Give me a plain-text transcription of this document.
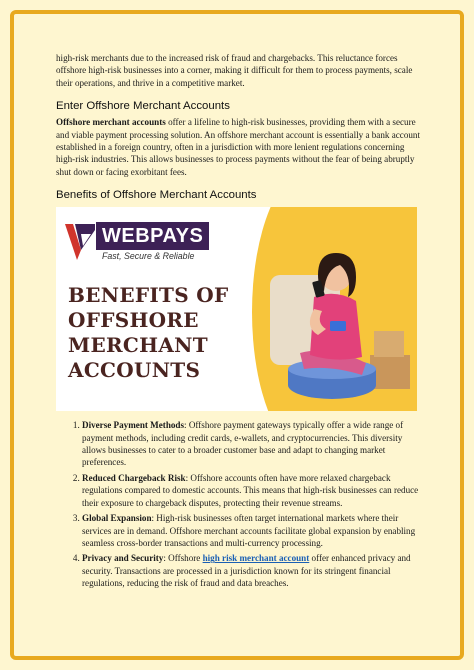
high-risk merchants due to the increased risk of fraud and chargebacks. This reluctance forces offshore high-risk businesses into a corner, making it difficult for them to process payments, scale their operations, and thrive in a competitive market.

Enter Offshore Merchant Accounts

Offshore merchant accounts offer a lifeline to high-risk businesses, providing them with a secure and viable payment processing solution. An offshore merchant account is essentially a bank account established in a foreign country, often in a jurisdiction with more lenient regulations concerning high-risk industries. This allows businesses to process payments without the fear of being abruptly shut down or facing exorbitant fees.

Benefits of Offshore Merchant Accounts
WEBPAYS
Fast, Secure & Reliable
BENEFITS OF
OFFSHORE
MERCHANT
ACCOUNTS
1. Diverse Payment Methods: Offshore payment gateways typically offer a wide range of payment methods, including credit cards, e-wallets, and cryptocurrencies. This diversity allows businesses to cater to a broader customer base and adapt to changing market preferences.
2. Reduced Chargeback Risk: Offshore accounts often have more relaxed chargeback regulations compared to domestic accounts. This means that high-risk businesses can reduce their exposure to chargeback disputes, protecting their revenue streams.
3. Global Expansion: High-risk businesses often target international markets where their services are in demand. Offshore merchant accounts facilitate global expansion by enabling seamless cross-border transactions and multi-currency processing.
4. Privacy and Security: Offshore high risk merchant account offer enhanced privacy and security. Transactions are processed in a jurisdiction known for its stringent financial regulations, reducing the risk of fraud and data breaches.
